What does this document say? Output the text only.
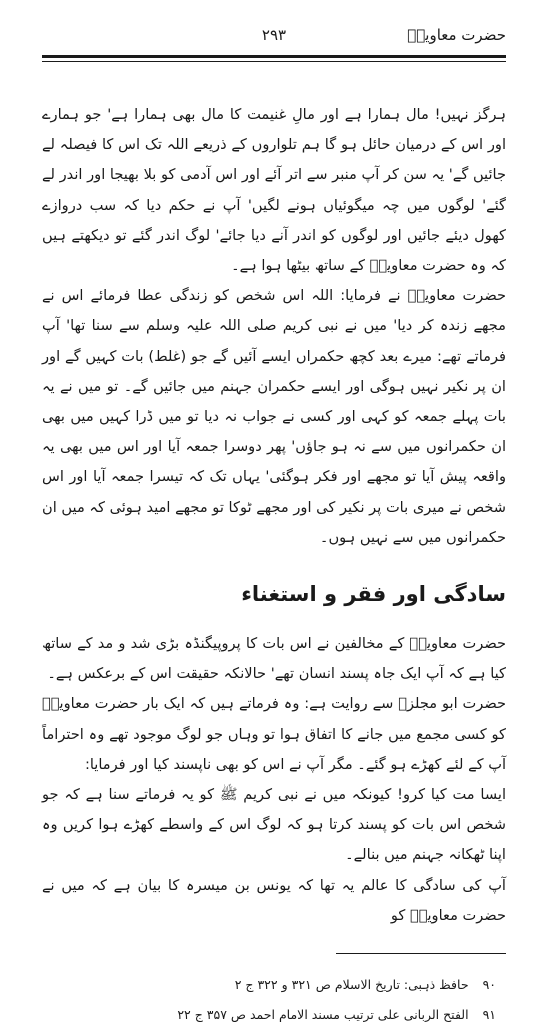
حضرت معاویہؓ
۲۹۳

ہرگز نہیں! مال ہمارا ہے اور مالِ غنیمت کا مال بھی ہمارا ہے' جو ہمارے اور اس کے درمیان حائل ہو گا ہم تلواروں کے ذریعے اللہ تک اس کا فیصلہ لے جائیں گے' یہ سن کر آپ منبر سے اتر آئے اور اس آدمی کو بلا بھیجا اور اندر لے گئے' لوگوں میں چہ میگوئیاں ہونے لگیں' آپ نے حکم دیا کہ سب دروازے کھول دیئے جائیں اور لوگوں کو اندر آنے دیا جائے' لوگ اندر گئے تو دیکھتے ہیں کہ وہ حضرت معاویہؓ کے ساتھ بیٹھا ہوا ہے۔

حضرت معاویہؓ نے فرمایا: اللہ اس شخص کو زندگی عطا فرمائے اس نے مجھے زندہ کر دیا' میں نے نبی کریم صلی اللہ علیہ وسلم سے سنا تھا' آپ فرماتے تھے: میرے بعد کچھ حکمراں ایسے آئیں گے جو (غلط) بات کہیں گے اور ان پر نکیر نہیں ہوگی اور ایسے حکمران جہنم میں جائیں گے۔ تو میں نے یہ بات پہلے جمعہ کو کہی اور کسی نے جواب نہ دیا تو میں ڈرا کہیں میں بھی ان حکمرانوں میں سے نہ ہو جاؤں' پھر دوسرا جمعہ آیا اور اس میں بھی یہ واقعہ پیش آیا تو مجھے اور فکر ہوگئی' یہاں تک کہ تیسرا جمعہ آیا اور اس شخص نے میری بات پر نکیر کی اور مجھے ٹوکا تو مجھے امید ہوئی کہ میں ان حکمرانوں میں سے نہیں ہوں۔

سادگی اور فقر و استغناء

حضرت معاویہؓ کے مخالفین نے اس بات کا پروپیگنڈہ بڑی شد و مد کے ساتھ کیا ہے کہ آپ ایک جاہ پسند انسان تھے' حالانکہ حقیقت اس کے برعکس ہے۔

حضرت ابو مجلزؒ سے روایت ہے: وہ فرماتے ہیں کہ ایک بار حضرت معاویہؓ کو کسی مجمع میں جانے کا اتفاق ہوا تو وہاں جو لوگ موجود تھے وہ احتراماً آپ کے لئے کھڑے ہو گئے۔ مگر آپ نے اس کو بھی ناپسند کیا اور فرمایا:

ایسا مت کیا کرو! کیونکہ میں نے نبی کریم ﷺ کو یہ فرماتے سنا ہے کہ جو شخص اس بات کو پسند کرتا ہو کہ لوگ اس کے واسطے کھڑے ہوا کریں وہ اپنا ٹھکانہ جہنم میں بنالے۔

آپ کی سادگی کا عالم یہ تھا کہ یونس بن میسرہ کا بیان ہے کہ میں نے حضرت معاویہؓ کو

۹۰حافظ ذہبی: تاریخ الاسلام ص ۳۲۱ و ۳۲۲ ج ۲
۹۱الفتح الربانی علی ترتیب مسند الامام احمد ص ۳۵۷ ج ۲۲
